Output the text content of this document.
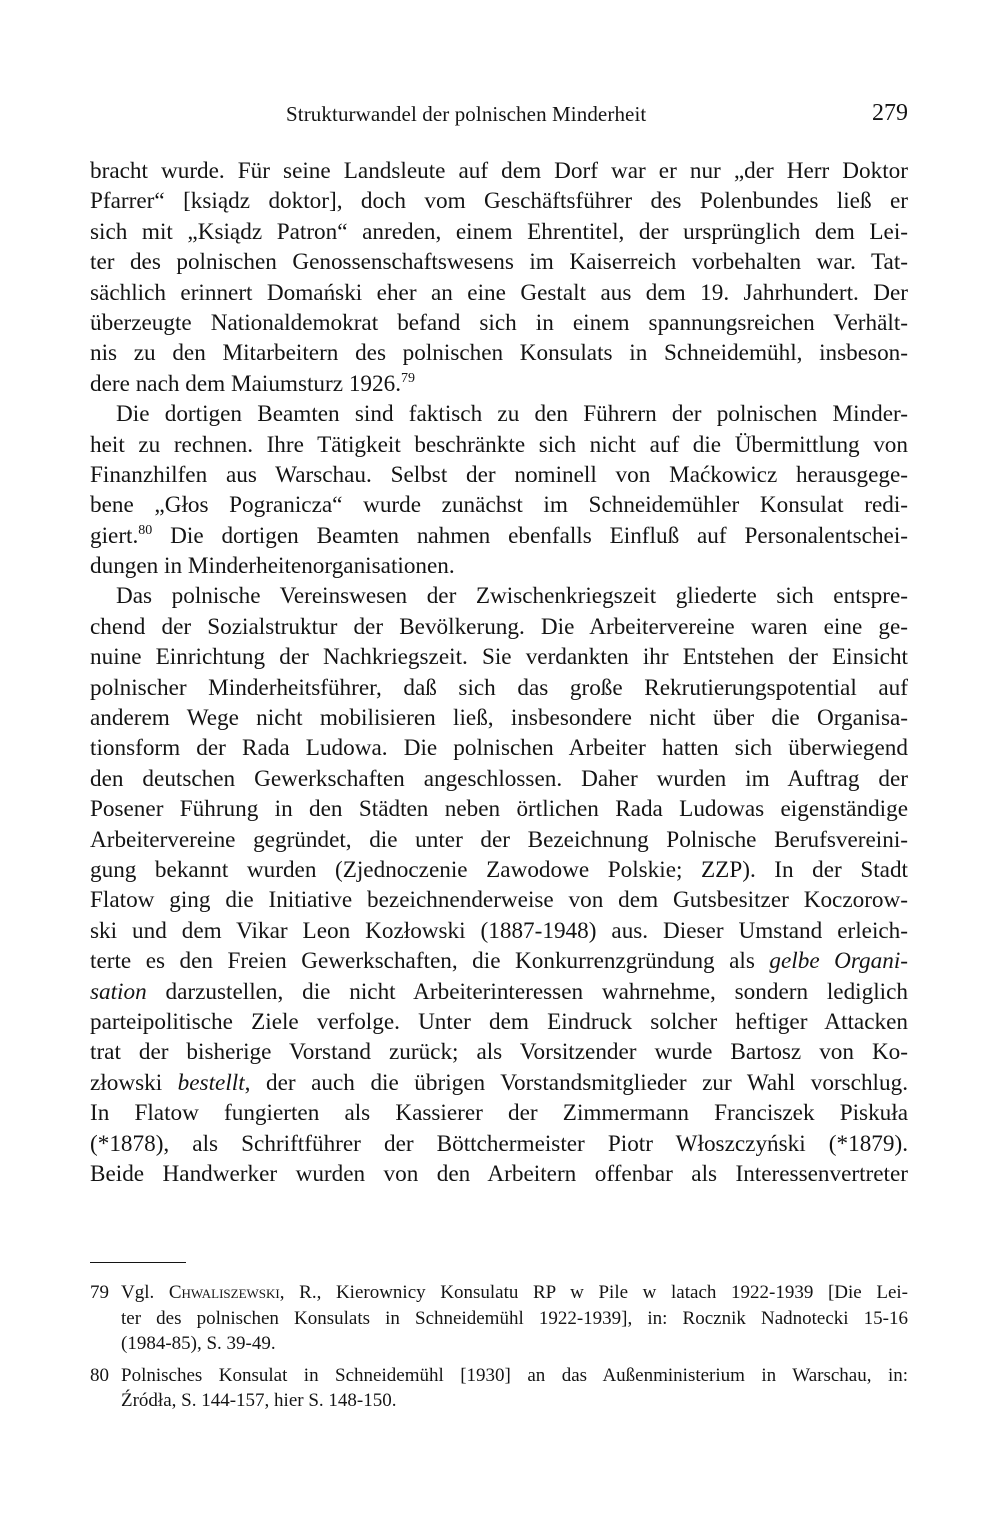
Strukturwandel der polnischen Minderheit	279
bracht wurde. Für seine Landsleute auf dem Dorf war er nur „der Herr Doktor
Pfarrer“ [ksiądz doktor], doch vom Geschäftsführer des Polenbundes ließ er
sich mit „Ksiądz Patron“ anreden, einem Ehrentitel, der ursprünglich dem Lei-
ter des polnischen Genossenschaftswesens im Kaiserreich vorbehalten war. Tat-
sächlich erinnert Domański eher an eine Gestalt aus dem 19. Jahrhundert. Der
überzeugte Nationaldemokrat befand sich in einem spannungsreichen Verhält-
nis zu den Mitarbeitern des polnischen Konsulats in Schneidemühl, insbeson-
dere nach dem Maiumsturz 1926.79
Die dortigen Beamten sind faktisch zu den Führern der polnischen Minder-
heit zu rechnen. Ihre Tätigkeit beschränkte sich nicht auf die Übermittlung von
Finanzhilfen aus Warschau. Selbst der nominell von Maćkowicz herausgege-
bene „Głos Pogranicza“ wurde zunächst im Schneidemühler Konsulat redi-
giert.$^{80}$ Die dortigen Beamten nahmen ebenfalls Einfluß auf Personalentschei-
dungen in Minderheitenorganisationen.
Das polnische Vereinswesen der Zwischenkriegszeit gliederte sich entspre-
chend der Sozialstruktur der Bevölkerung. Die Arbeitervereine waren eine ge-
nuine Einrichtung der Nachkriegszeit. Sie verdankten ihr Entstehen der Einsicht
polnischer Minderheitsführer, daß sich das große Rekrutierungspotential auf
anderem Wege nicht mobilisieren ließ, insbesondere nicht über die Organisa-
tionsform der Rada Ludowa. Die polnischen Arbeiter hatten sich überwiegend
den deutschen Gewerkschaften angeschlossen. Daher wurden im Auftrag der
Posener Führung in den Städten neben örtlichen Rada Ludowas eigenständige
Arbeitervereine gegründet, die unter der Bezeichnung Polnische Berufsvereini-
gung bekannt wurden (Zjednoczenie Zawodowe Polskie; ZZP). In der Stadt
Flatow ging die Initiative bezeichnenderweise von dem Gutsbesitzer Koczorow-
ski und dem Vikar Leon Kozłowski (1887-1948) aus. Dieser Umstand erleich-
terte es den Freien Gewerkschaften, die Konkurrenzgründung als gelbe Organi-
sation darzustellen, die nicht Arbeiterinteressen wahrnehme, sondern lediglich
parteipolitische Ziele verfolge. Unter dem Eindruck solcher heftiger Attacken
trat der bisherige Vorstand zurück; als Vorsitzender wurde Bartosz von Ko-
złowski bestellt, der auch die übrigen Vorstandsmitglieder zur Wahl vorschlug.
In Flatow fungierten als Kassierer der Zimmermann Franciszek Piskuła
(*1878), als Schriftführer der Böttchermeister Piotr Włoszczyński (*1879).
Beide Handwerker wurden von den Arbeitern offenbar als Interessenvertreter
79 Vgl. Chwaliszewski, R., Kierownicy Konsulatu RP w Pile w latach 1922-1939 [Die Lei-
ter des polnischen Konsulats in Schneidemühl 1922-1939], in: Rocznik Nadnotecki 15-16
(1984-85), S. 39-49.
80 Polnisches Konsulat in Schneidemühl [1930] an das Außenministerium in Warschau, in:
Źródła, S. 144-157, hier S. 148-150.
